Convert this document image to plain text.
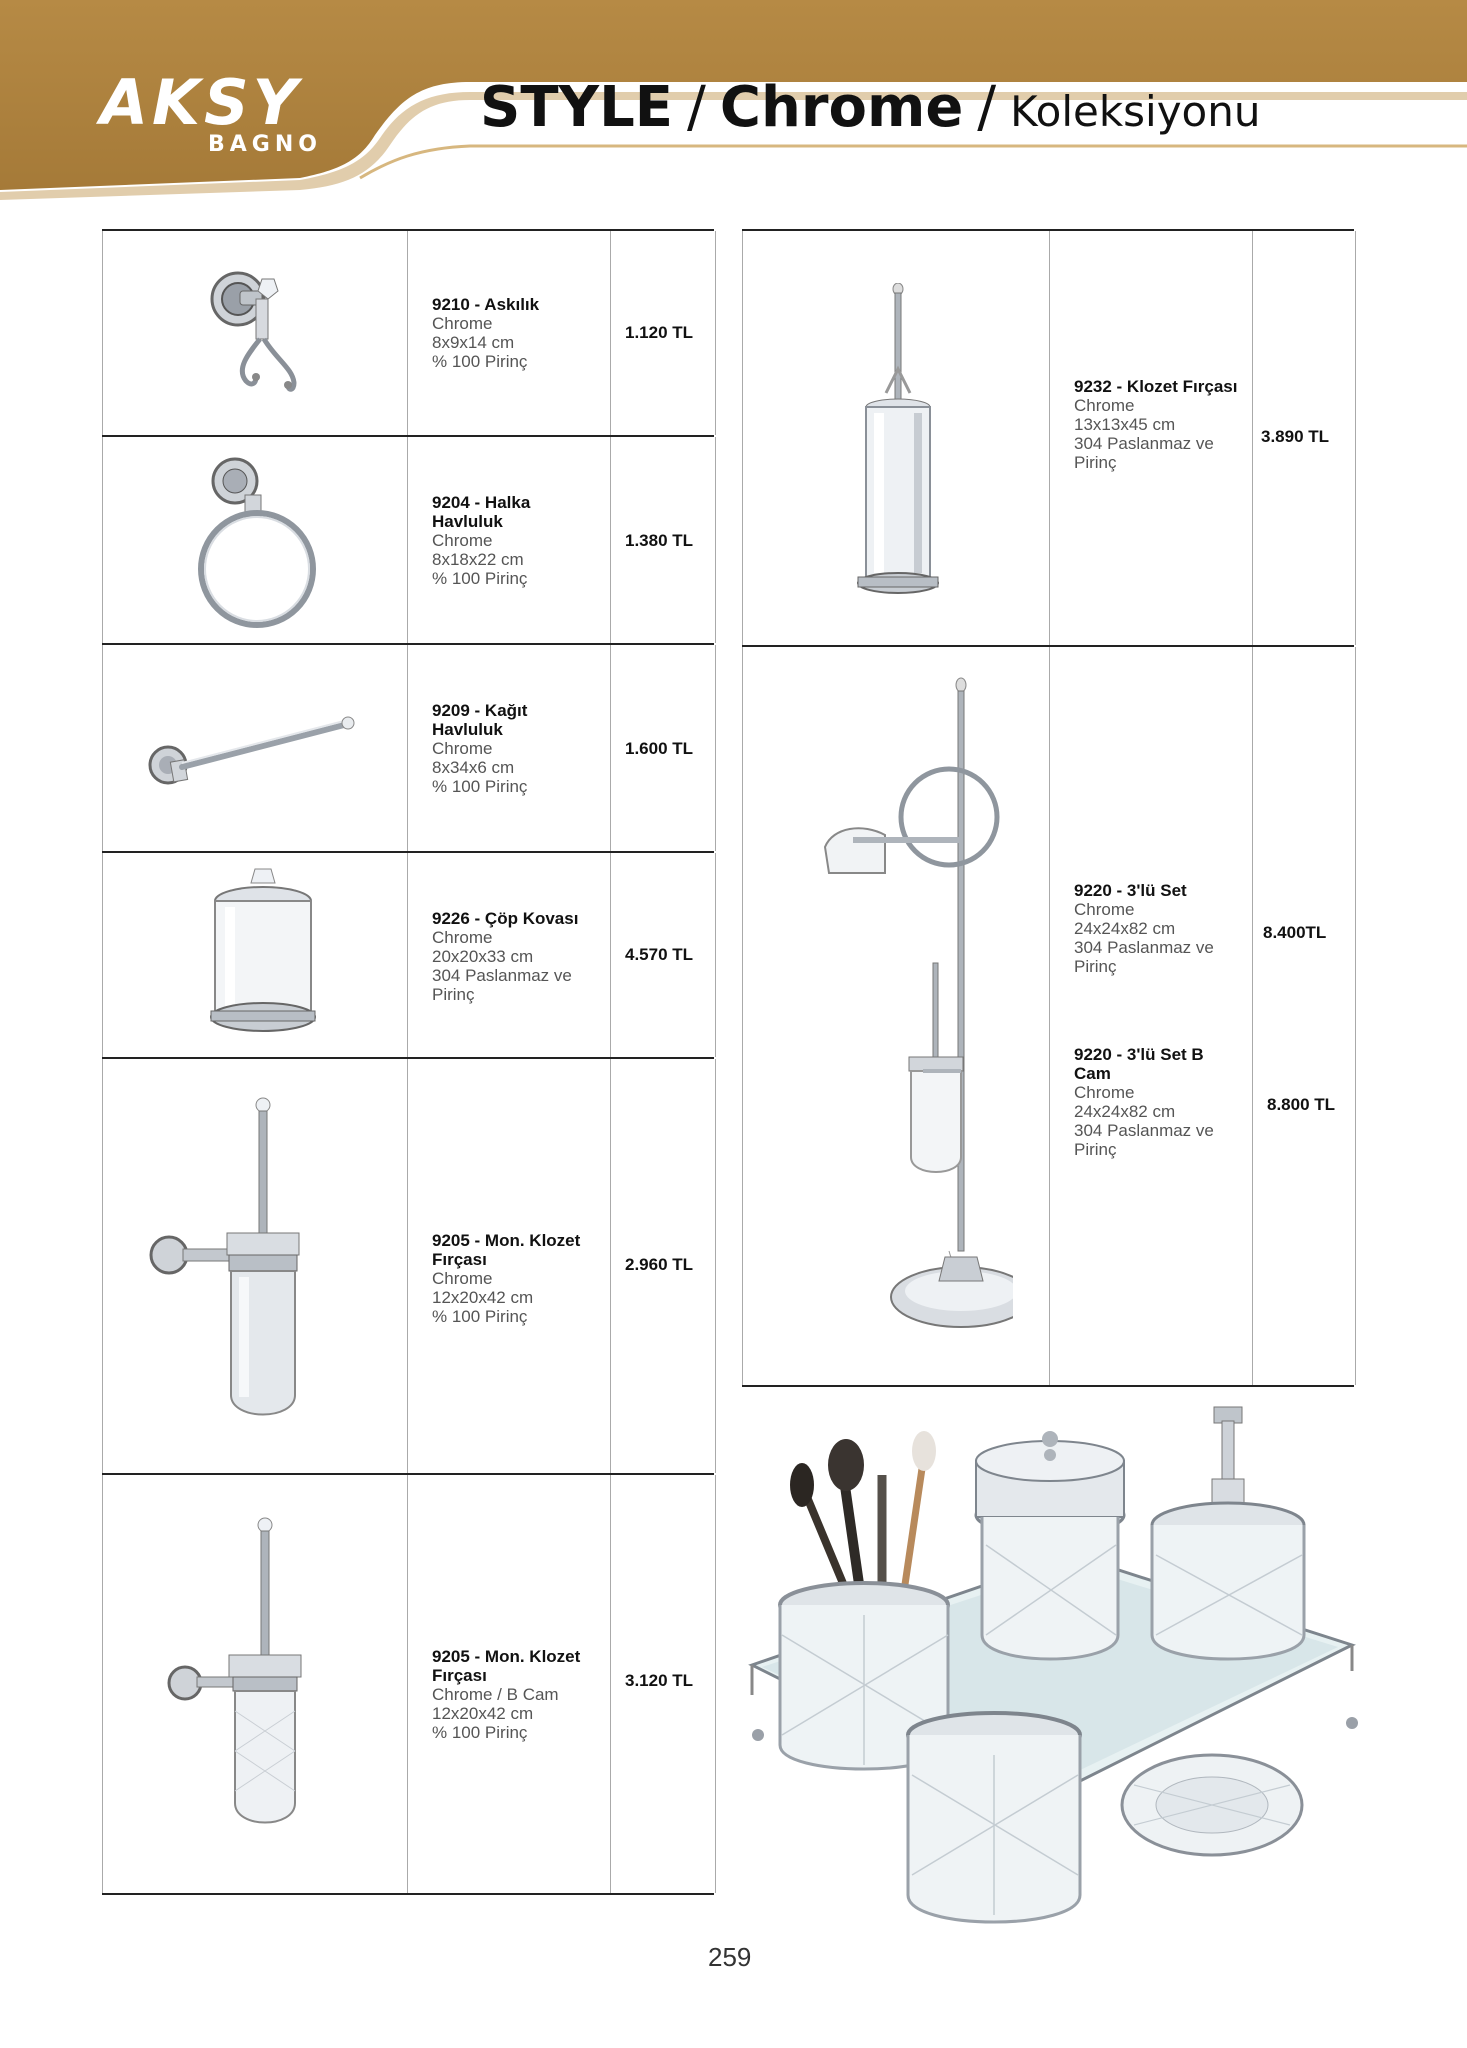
AKSY
BAGNO
STYLE / Chrome / Koleksiyonu
9210 - Askılık
Chrome
8x9x14 cm
% 100 Pirinç
1.120 TL
9204 - Halka Havluluk
Chrome
8x18x22 cm
% 100 Pirinç
1.380 TL
9209 - Kağıt Havluluk
Chrome
8x34x6 cm
% 100 Pirinç
1.600 TL
9226 - Çöp Kovası
Chrome
20x20x33 cm
304 Paslanmaz ve Pirinç
4.570 TL
9205 - Mon. Klozet Fırçası
Chrome
12x20x42 cm
% 100 Pirinç
2.960 TL
9205 - Mon. Klozet Fırçası
Chrome / B Cam
12x20x42 cm
% 100 Pirinç
3.120 TL
9232 - Klozet Fırçası
Chrome
13x13x45 cm
304 Paslanmaz ve Pirinç
3.890 TL
9220 - 3'lü Set
Chrome
24x24x82 cm
304 Paslanmaz ve Pirinç
9220 - 3'lü Set B Cam
Chrome
24x24x82 cm
304 Paslanmaz ve Pirinç
8.400TL
8.800 TL
259
